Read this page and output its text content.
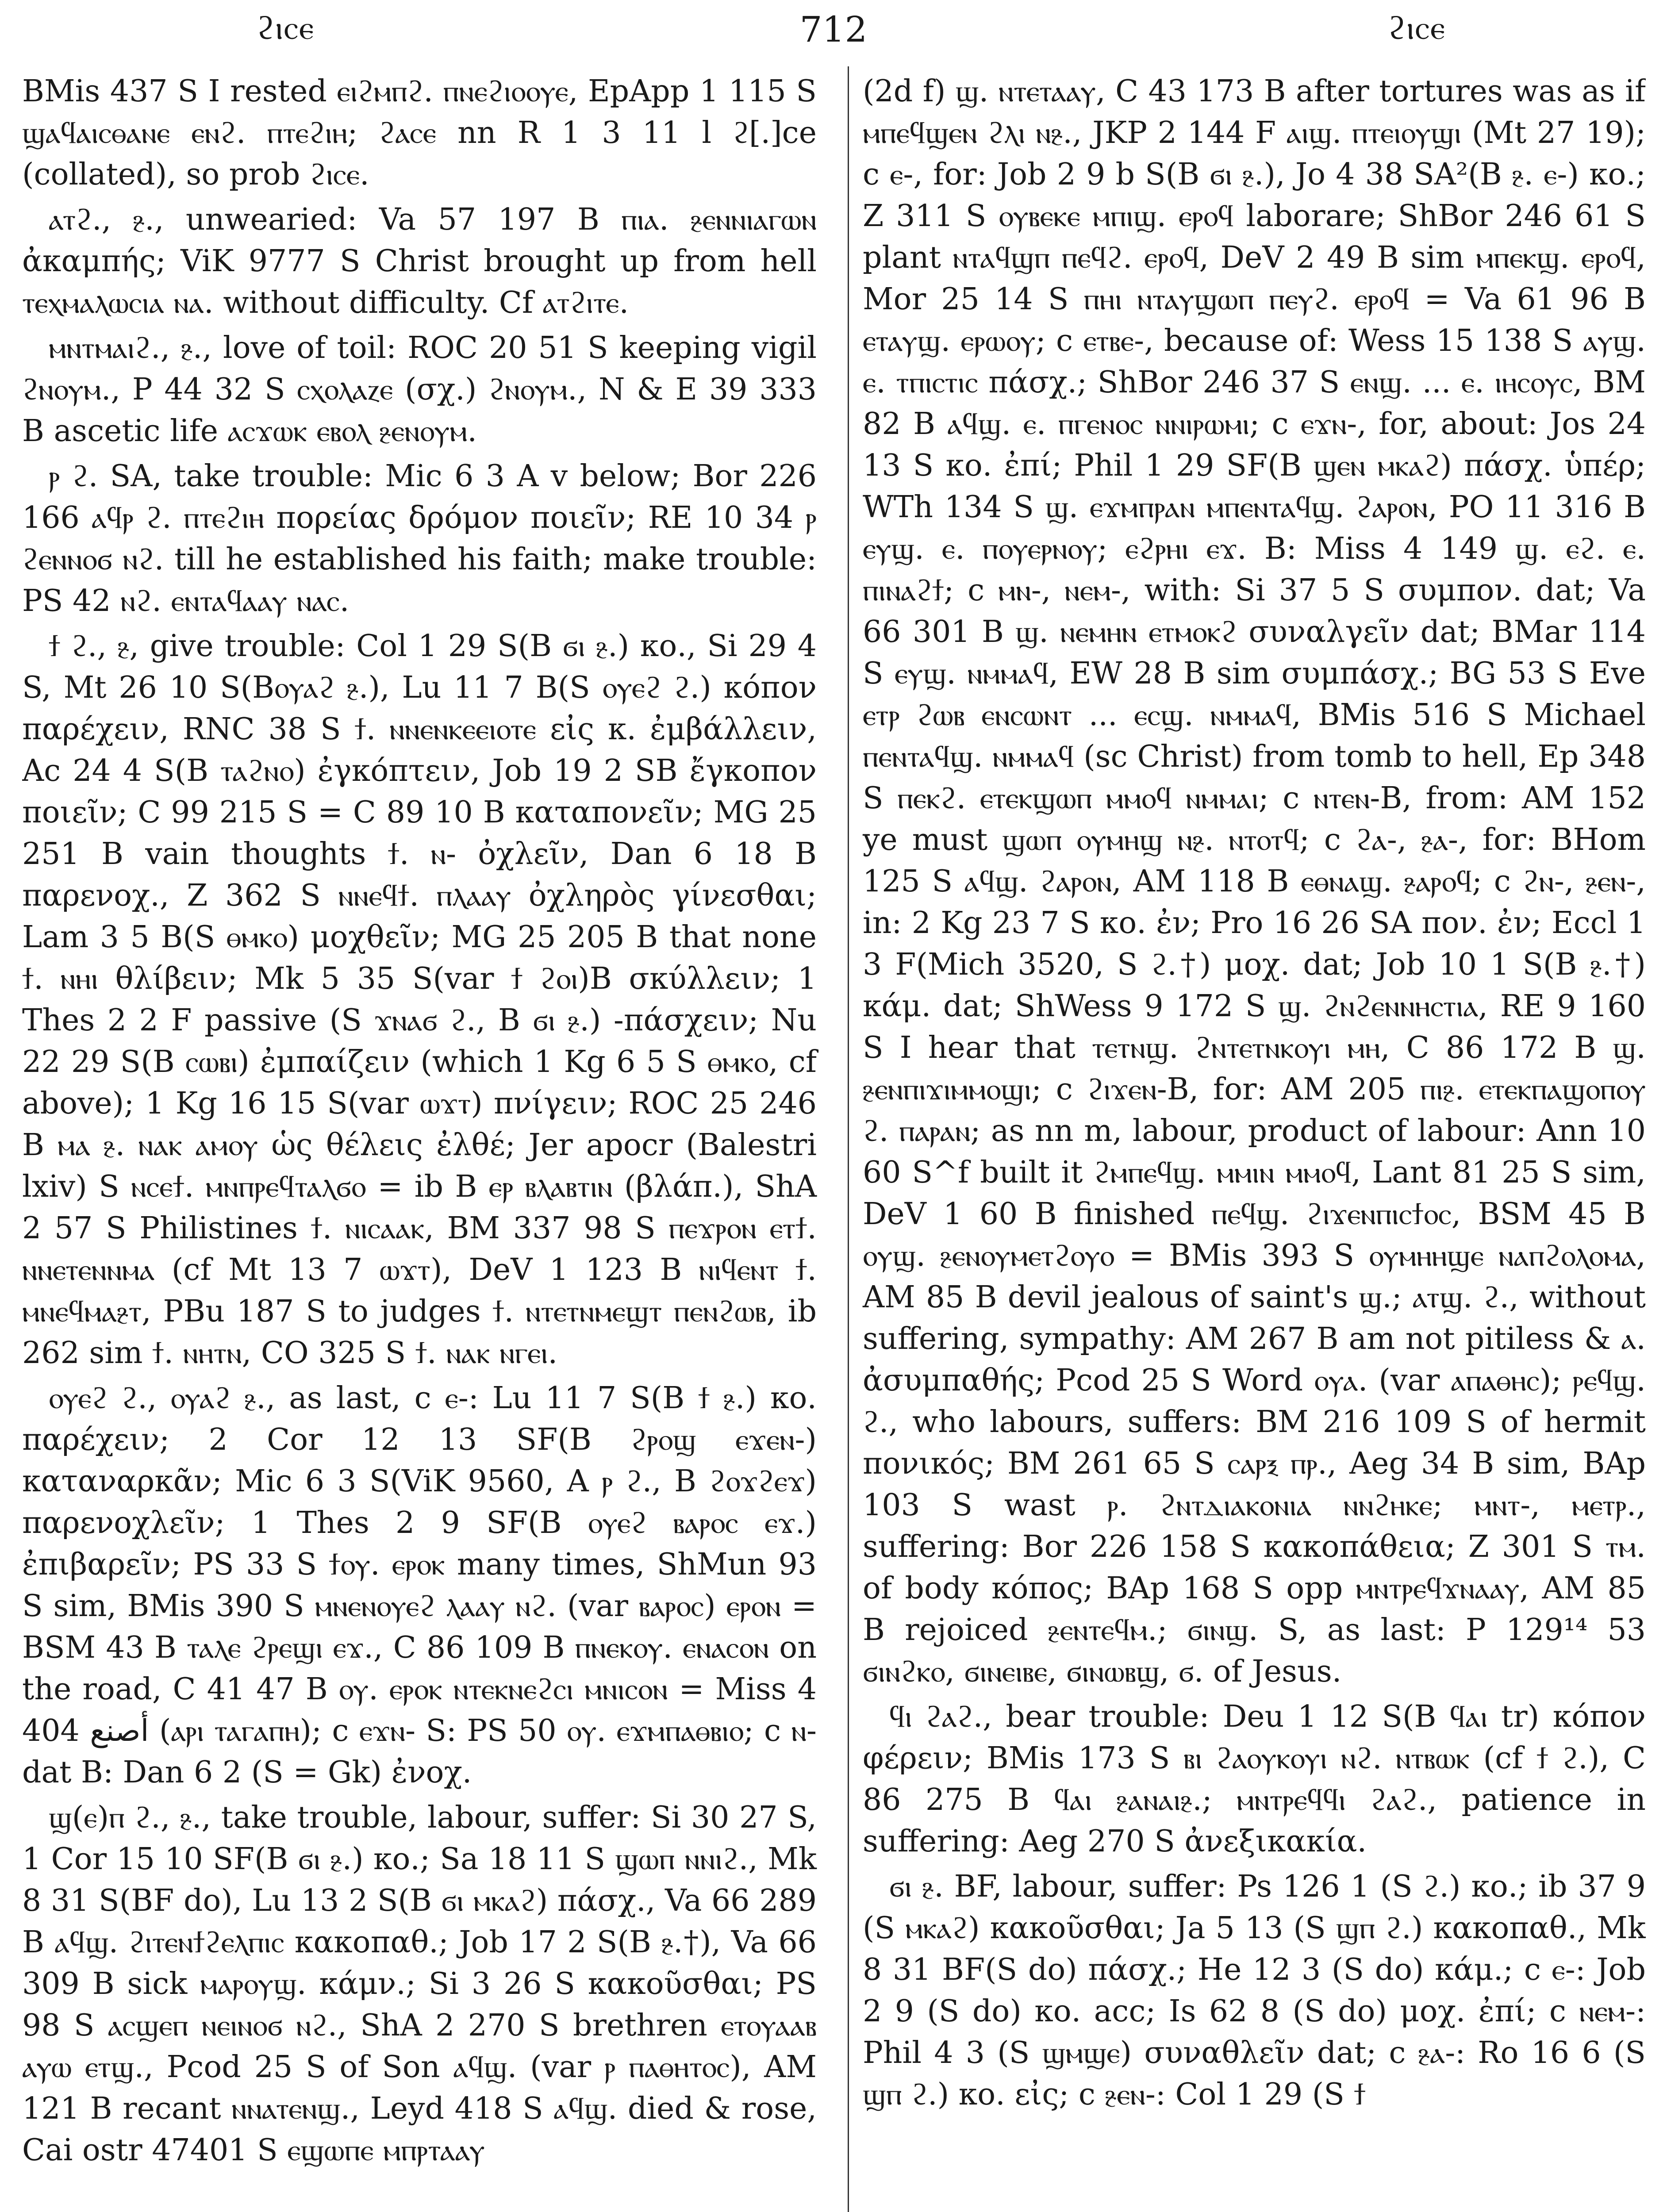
ϩⲓⲥⲉ	712	ϩⲓⲥⲉ

BMis 437 S I rested ⲉⲓϩⲙⲡϩ. ⲡⲛⲉϩⲓⲟⲟⲩⲉ, EpApp 1 115 S ϣⲁϥⲁⲓⲥⲑⲁⲛⲉ ⲉⲛϩ. ⲡⲧⲉϩⲓⲏ; ϩⲁⲥⲉ nn R 1 3 11 l ϩ[.]ce (collated), so prob ϩⲓⲥⲉ.

ⲁⲧϩ., ⳉ., unwearied: Va 57 197 B ⲡⲓⲁ. ⳉⲉⲛⲛⲓⲁⲅⲱⲛ ἀκαμπής; ViK 9777 S Christ brought up from hell ⲧⲉⲭⲙⲁⲗⲱⲥⲓⲁ ⲛⲁ. without difficulty. Cf ⲁⲧϩⲓⲧⲉ.

ⲙⲛⲧⲙⲁⲓϩ., ⳉ., love of toil: ROC 20 51 S keeping vigil ϩⲛⲟⲩⲙ., P 44 32 S ⲥⲭⲟⲗⲁⲍⲉ (σχ.) ϩⲛⲟⲩⲙ., N & E 39 333 B ascetic life ⲁⲥϫⲱⲕ ⲉⲃⲟⲗ ⳉⲉⲛⲟⲩⲙ.

ⲣ ϩ. SA, take trouble: Mic 6 3 A v below; Bor 226 166 ⲁϥⲣ ϩ. ⲡⲧⲉϩⲓⲏ πορείας δρόμον ποιεῖν; RE 10 34 ⲣ ϩⲉⲛⲛⲟϭ ⲛϩ. till he established his faith; make trouble: PS 42 ⲛϩ. ⲉⲛⲧⲁϥⲁⲁⲩ ⲛⲁⲥ.

ϯ ϩ., ⳉ, give trouble: Col 1 29 S(B ϭⲓ ⳉ.) κο., Si 29 4 S, Mt 26 10 S(Bⲟⲩⲁϩ ⳉ.), Lu 11 7 B(S ⲟⲩⲉϩ ϩ.) κόπον παρέχειν, RNC 38 S ϯ. ⲛⲛⲉⲛⲕⲉⲉⲓⲟⲧⲉ εἰς κ. ἐμβάλλειν, Ac 24 4 S(B ⲧⲁϩⲛⲟ) ἐγκόπτειν, Job 19 2 SB ἔγκοπον ποιεῖν; C 99 215 S = C 89 10 B καταπονεῖν; MG 25 251 B vain thoughts ϯ. ⲛ- ὀχλεῖν, Dan 6 18 B παρενοχ., Z 362 S ⲛⲛⲉϥϯ. ⲡⲗⲁⲁⲩ ὀχληρὸς γίνεσθαι; Lam 3 5 B(S ⲑⲙⲕⲟ) μοχθεῖν; MG 25 205 B that none ϯ. ⲛⲏⲓ θλίβειν; Mk 5 35 S(var ϯ ϩⲟⲓ)B σκύλλειν; 1 Thes 2 2 F passive (S ϫⲛⲁϭ ϩ., B ϭⲓ ⳉ.) -πάσχειν; Nu 22 29 S(B ⲥⲱⲃⲓ) ἐμπαίζειν (which 1 Kg 6 5 S ⲑⲙⲕⲟ, cf above); 1 Kg 16 15 S(var ⲱϫⲧ) πνίγειν; ROC 25 246 B ⲙⲁ ⳉ. ⲛⲁⲕ ⲁⲙⲟⲩ ὡς θέλεις ἐλθέ; Jer apocr (Balestri lxiv) S ⲛⲥⲉϯ. ⲙⲛⲡⲣⲉϥⲧⲁⲗϭⲟ = ib B ⲉⲣ ⲃⲗⲁⲃⲧⲓⲛ (βλάπ.), ShA 2 57 S Philistines ϯ. ⲛⲓⲥⲁⲁⲕ, BM 337 98 S ⲡⲉϫⲣⲟⲛ ⲉⲧϯ. ⲛⲛⲉⲧⲉⲛⲛⲙⲁ (cf Mt 13 7 ⲱϫⲧ), DeV 1 123 B ⲛⲓϥⲉⲛⲧ ϯ. ⲙⲛⲉϥⲙⲁⳉⲧ, PBu 187 S to judges ϯ. ⲛⲧⲉⲧⲛⲙⲉϣⲧ ⲡⲉⲛϩⲱⲃ, ib 262 sim ϯ. ⲛⲏⲧⲛ, CO 325 S ϯ. ⲛⲁⲕ ⲛⲅⲉⲓ.

ⲟⲩⲉϩ ϩ., ⲟⲩⲁϩ ⳉ., as last, c ⲉ-: Lu 11 7 S(B ϯ ⳉ.) κο. παρέχειν; 2 Cor 12 13 SF(B ϩⲣⲟϣ ⲉϫⲉⲛ-) καταναρκᾶν; Mic 6 3 S(ViK 9560, A ⲣ ϩ., B ϩⲟϫϩⲉϫ) παρενοχλεῖν; 1 Thes 2 9 SF(B ⲟⲩⲉϩ ⲃⲁⲣⲟⲥ ⲉϫ.) ἐπιβαρεῖν; PS 33 S ϯⲟⲩ. ⲉⲣⲟⲕ many times, ShMun 93 S sim, BMis 390 S ⲙⲛⲉⲛⲟⲩⲉϩ ⲗⲁⲁⲩ ⲛϩ. (var ⲃⲁⲣⲟⲥ) ⲉⲣⲟⲛ = BSM 43 B ⲧⲁⲗⲉ ϩⲣⲉϣⲓ ⲉϫ., C 86 109 B ⲡⲛⲉⲕⲟⲩ. ⲉⲛⲁⲥⲟⲛ on the road, C 41 47 B ⲟⲩ. ⲉⲣⲟⲕ ⲛⲧⲉⲕⲛⲉϩⲥⲓ ⲙⲛⲓⲥⲟⲛ = Miss 4 404 أصنع (ⲁⲣⲓ ⲧⲁⲅⲁⲡⲏ); c ⲉϫⲛ- S: PS 50 ⲟⲩ. ⲉϫⲙⲡⲁⲑⲃⲓⲟ; c ⲛ- dat B: Dan 6 2 (S = Gk) ἐνοχ.

ϣ(ⲉ)ⲡ ϩ., ⳉ., take trouble, labour, suffer: Si 30 27 S, 1 Cor 15 10 SF(B ϭⲓ ⳉ.) κο.; Sa 18 11 S ϣⲱⲡ ⲛⲛⲓϩ., Mk 8 31 S(BF do), Lu 13 2 S(B ϭⲓ ⲙⲕⲁϩ) πάσχ., Va 66 289 B ⲁϥϣ. ϩⲓⲧⲉⲛϯϩⲉⲗⲡⲓⲥ κακοπαθ.; Job 17 2 S(B ⳉ.†), Va 66 309 B sick ⲙⲁⲣⲟⲩϣ. κάμν.; Si 3 26 S κακοῦσθαι; PS 98 S ⲁⲥϣⲉⲡ ⲛⲉⲓⲛⲟϭ ⲛϩ., ShA 2 270 S brethren ⲉⲧⲟⲩⲁⲁⲃ ⲁⲩⲱ ⲉⲧϣ., Pcod 25 S of Son ⲁϥϣ. (var ⲣ ⲡⲁⲑⲏⲧⲟⲥ), AM 121 B recant ⲛⲛⲁⲧⲉⲛϣ., Leyd 418 S ⲁϥϣ. died & rose, Cai ostr 47401 S ⲉϣⲱⲡⲉ ⲙⲡⲣⲧⲁⲁⲩ

(2d f) ϣ. ⲛⲧⲉⲧⲁⲁⲩ, C 43 173 B after tortures was as if ⲙⲡⲉϥϣⲉⲛ ϩⲗⲓ ⲛⳉ., JKP 2 144 F ⲁⲓϣ. ⲡⲧⲉⲓⲟⲩϣⲓ (Mt 27 19); c ⲉ-, for: Job 2 9 b S(B ϭⲓ ⳉ.), Jo 4 38 SA²(B ⳉ. ⲉ-) κο.; Z 311 S ⲟⲩⲃⲉⲕⲉ ⲙⲡⲓϣ. ⲉⲣⲟϥ laborare; ShBor 246 61 S plant ⲛⲧⲁϥϣⲡ ⲡⲉϥϩ. ⲉⲣⲟϥ, DeV 2 49 B sim ⲙⲡⲉⲕϣ. ⲉⲣⲟϥ, Mor 25 14 S ⲡⲏⲓ ⲛⲧⲁⲩϣⲱⲡ ⲡⲉⲩϩ. ⲉⲣⲟϥ = Va 61 96 B ⲉⲧⲁⲩϣ. ⲉⲣⲱⲟⲩ; c ⲉⲧⲃⲉ-, because of: Wess 15 138 S ⲁⲩϣ. ⲉ. ⲧⲡⲓⲥⲧⲓⲥ πάσχ.; ShBor 246 37 S ⲉⲛϣ. ... ⲉ. ⲓⲏⲥⲟⲩⲥ, BM 82 B ⲁϥϣ. ⲉ. ⲡⲅⲉⲛⲟⲥ ⲛⲛⲓⲣⲱⲙⲓ; c ⲉϫⲛ-, for, about: Jos 24 13 S κο. ἐπί; Phil 1 29 SF(B ϣⲉⲛ ⲙⲕⲁϩ) πάσχ. ὑπέρ; WTh 134 S ϣ. ⲉϫⲙⲡⲣⲁⲛ ⲙⲡⲉⲛⲧⲁϥϣ. ϩⲁⲣⲟⲛ, PO 11 316 B ⲉⲩϣ. ⲉ. ⲡⲟⲩⲉⲣⲛⲟⲩ; ⲉϩⲣⲏⲓ ⲉϫ. B: Miss 4 149 ϣ. ⲉϩ. ⲉ. ⲡⲓⲛⲁϩϯ; c ⲙⲛ-, ⲛⲉⲙ-, with: Si 37 5 S συμπον. dat; Va 66 301 B ϣ. ⲛⲉⲙⲏⲛ ⲉⲧⲙⲟⲕϩ συναλγεῖν dat; BMar 114 S ⲉⲩϣ. ⲛⲙⲙⲁϥ, EW 28 B sim συμπάσχ.; BG 53 S Eve ⲉⲧⲣ ϩⲱⲃ ⲉⲛⲥⲱⲛⲧ ... ⲉⲥϣ. ⲛⲙⲙⲁϥ, BMis 516 S Michael ⲡⲉⲛⲧⲁϥϣ. ⲛⲙⲙⲁϥ (sc Christ) from tomb to hell, Ep 348 S ⲡⲉⲕϩ. ⲉⲧⲉⲕϣⲱⲡ ⲙⲙⲟϥ ⲛⲙⲙⲁⲓ; c ⲛⲧⲉⲛ-B, from: AM 152 ye must ϣⲱⲡ ⲟⲩⲙⲏϣ ⲛⳉ. ⲛⲧⲟⲧϥ; c ϩⲁ-, ⳉⲁ-, for: BHom 125 S ⲁϥϣ. ϩⲁⲣⲟⲛ, AM 118 B ⲉⲑⲛⲁϣ. ⳉⲁⲣⲟϥ; c ϩⲛ-, ⳉⲉⲛ-, in: 2 Kg 23 7 S κο. ἐν; Pro 16 26 SA πον. ἐν; Eccl 1 3 F(Mich 3520, S ϩ.†) μοχ. dat; Job 10 1 S(B ⳉ.†) κάμ. dat; ShWess 9 172 S ϣ. ϩⲛϩⲉⲛⲛⲏⲥⲧⲓⲁ, RE 9 160 S I hear that ⲧⲉⲧⲛϣ. ϩⲛⲧⲉⲧⲛⲕⲟⲩⲓ ⲙⲏ, C 86 172 B ϣ. ⳉⲉⲛⲡⲓϫⲓⲙⲙⲟϣⲓ; c ϩⲓϫⲉⲛ-B, for: AM 205 ⲡⲓⳉ. ⲉⲧⲉⲕⲡⲁϣⲟⲡⲟⲩ ϩ. ⲡⲁⲣⲁⲛ; as nn m, labour, product of labour: Ann 10 60 S^f built it ϩⲙⲡⲉϥϣ. ⲙⲙⲓⲛ ⲙⲙⲟϥ, Lant 81 25 S sim, DeV 1 60 B finished ⲡⲉϥϣ. ϩⲓϫⲉⲛⲡⲓⲥϯⲟⲥ, BSM 45 B ⲟⲩϣ. ⳉⲉⲛⲟⲩⲙⲉⲧϩⲟⲩⲟ = BMis 393 S ⲟⲩⲙⲏⲏϣⲉ ⲛⲁⲡϩⲟⲗⲟⲙⲁ, AM 85 B devil jealous of saint's ϣ.; ⲁⲧϣ. ϩ., without suffering, sympathy: AM 267 B am not pitiless & ⲁ. ἀσυμπαθής; Pcod 25 S Word ⲟⲩⲁ. (var ⲁⲡⲁⲑⲏⲥ); ⲣⲉϥϣ. ϩ., who labours, suffers: BM 216 109 S of hermit πονικός; BM 261 65 S ⲥⲁⲣⲝ ⲡⲣ., Aeg 34 B sim, BAp 103 S wast ⲣ. ϩⲛⲧⲇⲓⲁⲕⲟⲛⲓⲁ ⲛⲛϩⲏⲕⲉ; ⲙⲛⲧ-, ⲙⲉⲧⲣ., suffering: Bor 226 158 S κακοπάθεια; Z 301 S ⲧⲙ. of body κόπος; BAp 168 S opp ⲙⲛⲧⲣⲉϥϫⲛⲁⲁⲩ, AM 85 B rejoiced ⳉⲉⲛⲧⲉϥⲙ.; ϭⲓⲛϣ. S, as last: P 129¹⁴ 53 ϭⲓⲛϩⲕⲟ, ϭⲓⲛⲉⲓⲃⲉ, ϭⲓⲛⲱⲃϣ, ϭ. of Jesus.

ϥⲓ ϩⲁϩ., bear trouble: Deu 1 12 S(B ϥⲁⲓ tr) κόπον φέρειν; BMis 173 S ⲃⲓ ϩⲁⲟⲩⲕⲟⲩⲓ ⲛϩ. ⲛⲧⲃⲱⲕ (cf ϯ ϩ.), C 86 275 B ϥⲁⲓ ⳉⲁⲛⲁⲓⳉ.; ⲙⲛⲧⲣⲉϥϥⲓ ϩⲁϩ., patience in suffering: Aeg 270 S ἀνεξικακία.

ϭⲓ ⳉ. BF, labour, suffer: Ps 126 1 (S ϩ.) κο.; ib 37 9 (S ⲙⲕⲁϩ) κακοῦσθαι; Ja 5 13 (S ϣⲡ ϩ.) κακοπαθ., Mk 8 31 BF(S do) πάσχ.; He 12 3 (S do) κάμ.; c ⲉ-: Job 2 9 (S do) κο. acc; Is 62 8 (S do) μοχ. ἐπί; c ⲛⲉⲙ-: Phil 4 3 (S ϣⲙϣⲉ) συναθλεῖν dat; c ⳉⲁ-: Ro 16 6 (S ϣⲡ ϩ.) κο. εἰς; c ⳉⲉⲛ-: Col 1 29 (S ϯ
